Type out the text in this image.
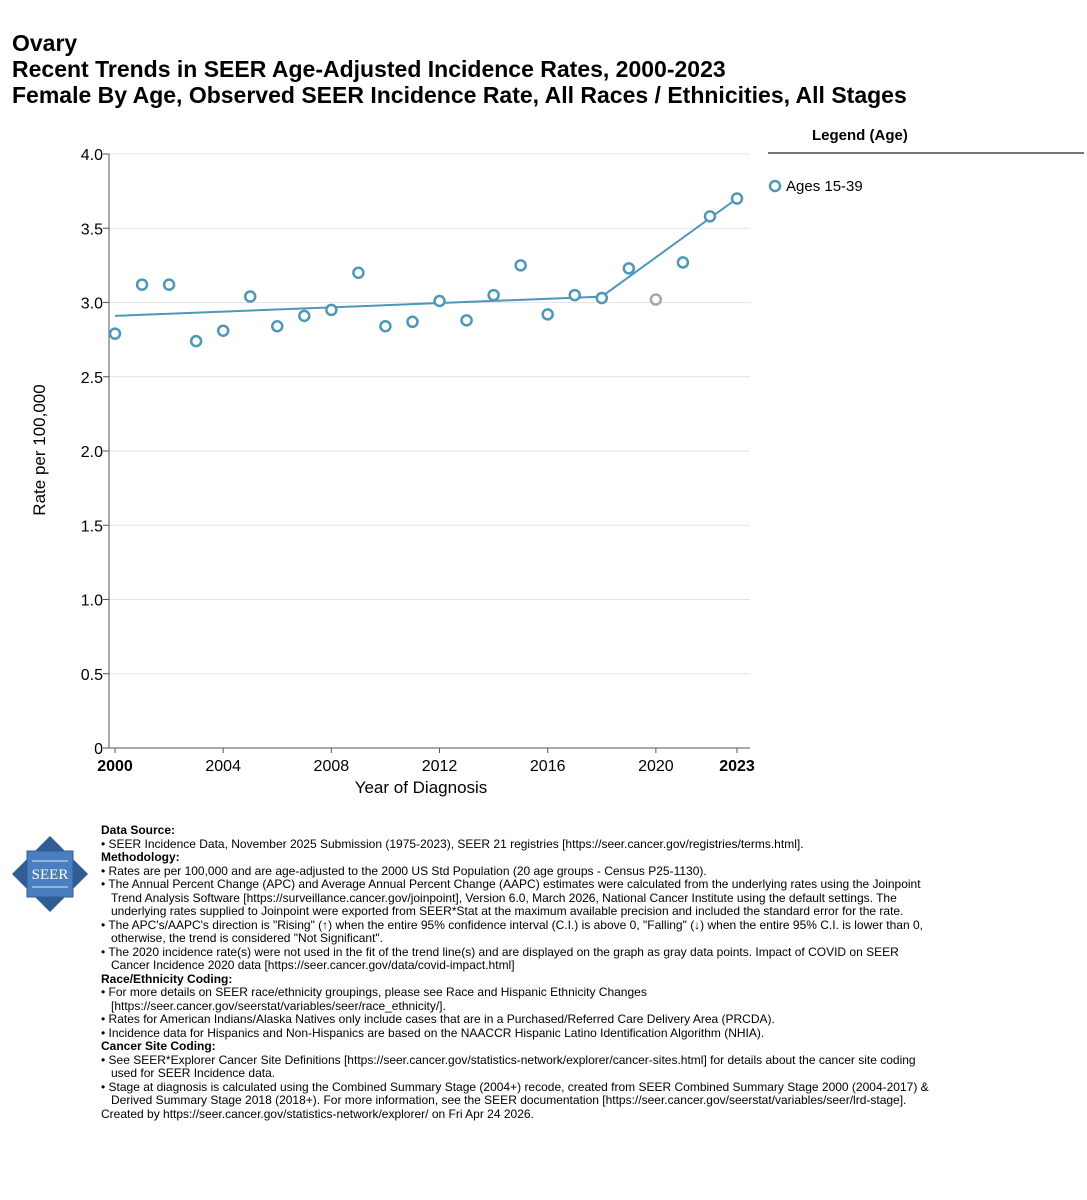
Ovary
Recent Trends in SEER Age-Adjusted Incidence Rates, 2000-2023
Female By Age, Observed SEER Incidence Rate, All Races / Ethnicities, All Stages
0
0.5
1.0
1.5
2.0
2.5
3.0
3.5
4.0
2000	2004	2008	2012	2016	2020	2023
Year of Diagnosis
Rate per 100,000
Legend (Age)
Ages 15-39
SEER
Data Source:
• SEER Incidence Data, November 2025 Submission (1975-2023), SEER 21 registries [https://seer.cancer.gov/registries/terms.html].
Methodology:
• Rates are per 100,000 and are age-adjusted to the 2000 US Std Population (20 age groups - Census P25-1130).
• The Annual Percent Change (APC) and Average Annual Percent Change (AAPC) estimates were calculated from the underlying rates using the Joinpoint Trend Analysis Software [https://surveillance.cancer.gov/joinpoint], Version 6.0, March 2026, National Cancer Institute using the default settings. The underlying rates supplied to Joinpoint were exported from SEER*Stat at the maximum available precision and included the standard error for the rate.
• The APC's/AAPC's direction is "Rising" (↑) when the entire 95% confidence interval (C.I.) is above 0, "Falling" (↓) when the entire 95% C.I. is lower than 0, otherwise, the trend is considered "Not Significant".
• The 2020 incidence rate(s) were not used in the fit of the trend line(s) and are displayed on the graph as gray data points. Impact of COVID on SEER Cancer Incidence 2020 data [https://seer.cancer.gov/data/covid-impact.html]
Race/Ethnicity Coding:
• For more details on SEER race/ethnicity groupings, please see Race and Hispanic Ethnicity Changes [https://seer.cancer.gov/seerstat/variables/seer/race_ethnicity/].
• Rates for American Indians/Alaska Natives only include cases that are in a Purchased/Referred Care Delivery Area (PRCDA).
• Incidence data for Hispanics and Non-Hispanics are based on the NAACCR Hispanic Latino Identification Algorithm (NHIA).
Cancer Site Coding:
• See SEER*Explorer Cancer Site Definitions [https://seer.cancer.gov/statistics-network/explorer/cancer-sites.html] for details about the cancer site coding used for SEER Incidence data.
• Stage at diagnosis is calculated using the Combined Summary Stage (2004+) recode, created from SEER Combined Summary Stage 2000 (2004-2017) & Derived Summary Stage 2018 (2018+). For more information, see the SEER documentation [https://seer.cancer.gov/seerstat/variables/seer/lrd-stage].
Created by https://seer.cancer.gov/statistics-network/explorer/ on Fri Apr 24 2026.
